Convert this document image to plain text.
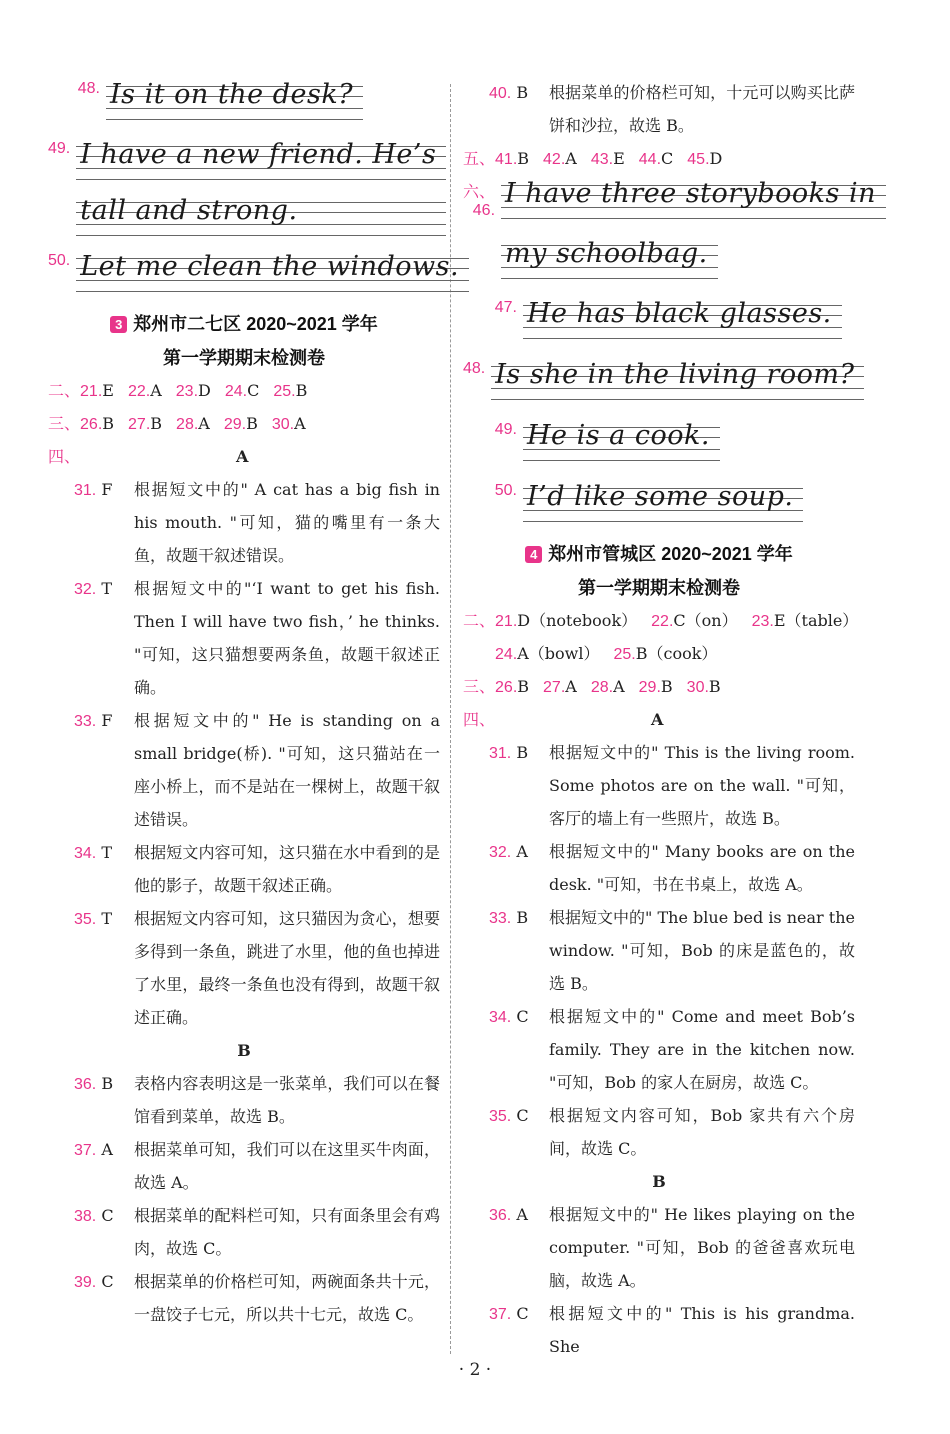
48. Is it on the desk?
49. I have a new friend. He’s
tall and strong.
50. Let me clean the windows.
3 郑州市二七区 2020~2021 学年
第一学期期末检测卷
二、21.E 22.A 23.D 24.C 25.B
三、26.B 27.B 28.A 29.B 30.A
四、	A
31. F	根据短文中的" A cat has a big fish in his mouth. "可知，猫的嘴里有一条大鱼，故题干叙述错误。
32. T	根据短文中的"‘I want to get his fish. Then I will have two fish，’ he thinks. "可知，这只猫想要两条鱼，故题干叙述正确。
33. F	根据短文中的" He is standing on a small bridge(桥). "可知，这只猫站在一座小桥上，而不是站在一棵树上，故题干叙述错误。
34. T	根据短文内容可知，这只猫在水中看到的是他的影子，故题干叙述正确。
35. T	根据短文内容可知，这只猫因为贪心，想要多得到一条鱼，跳进了水里，他的鱼也掉进了水里，最终一条鱼也没有得到，故题干叙述正确。
B
36. B	表格内容表明这是一张菜单，我们可以在餐馆看到菜单，故选 B。
37. A	根据菜单可知，我们可以在这里买牛肉面，故选 A。
38. C	根据菜单的配料栏可知，只有面条里会有鸡肉，故选 C。
39. C	根据菜单的价格栏可知，两碗面条共十元，一盘饺子七元，所以共十七元，故选 C。
40. B	根据菜单的价格栏可知，十元可以购买比萨饼和沙拉，故选 B。
五、41.B 42.A 43.E 44.C 45.D
六、46.
I have three storybooks in
my schoolbag.
47. He has black glasses.
48. Is she in the living room?
49. He is a cook.
50. I’d like some soup.
4 郑州市管城区 2020~2021 学年
第一学期期末检测卷
二、21.D（notebook） 22.C（on） 23.E（table）
24.A（bowl） 25.B（cook）
三、26.B 27.A 28.A 29.B 30.B
四、	A
31. B	根据短文中的" This is the living room. Some photos are on the wall. "可知，客厅的墙上有一些照片，故选 B。
32. A	根据短文中的" Many books are on the desk. "可知，书在书桌上，故选 A。
33. B	根据短文中的" The blue bed is near the window. "可知，Bob 的床是蓝色的，故选 B。
34. C	根据短文中的" Come and meet Bob’s family. They are in the kitchen now. "可知，Bob 的家人在厨房，故选 C。
35. C	根据短文内容可知，Bob 家共有六个房间，故选 C。
B
36. A	根据短文中的" He likes playing on the computer. "可知，Bob 的爸爸喜欢玩电脑，故选 A。
37. C	根据短文中的" This is his grandma. She
· 2 ·
